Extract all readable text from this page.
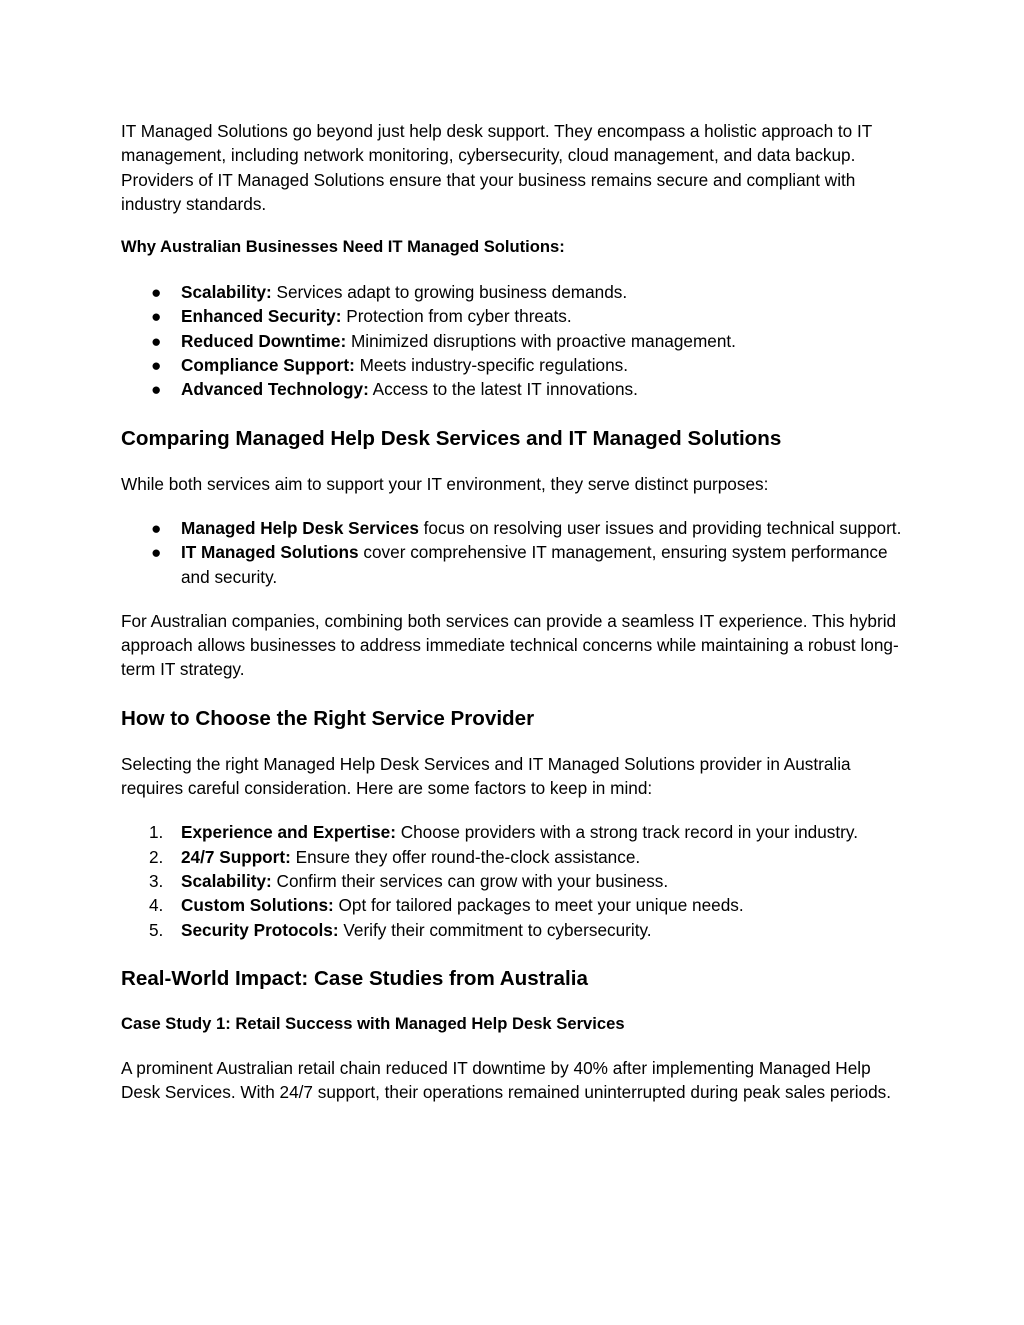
IT Managed Solutions go beyond just help desk support. They encompass a holistic approach to IT management, including network monitoring, cybersecurity, cloud management, and data backup. Providers of IT Managed Solutions ensure that your business remains secure and compliant with industry standards.

Why Australian Businesses Need IT Managed Solutions:

● Scalability: Services adapt to growing business demands.
● Enhanced Security: Protection from cyber threats.
● Reduced Downtime: Minimized disruptions with proactive management.
● Compliance Support: Meets industry-specific regulations.
● Advanced Technology: Access to the latest IT innovations.
Comparing Managed Help Desk Services and IT Managed Solutions

While both services aim to support your IT environment, they serve distinct purposes:

● Managed Help Desk Services focus on resolving user issues and providing technical support.
● IT Managed Solutions cover comprehensive IT management, ensuring system performance and security.

For Australian companies, combining both services can provide a seamless IT experience. This hybrid approach allows businesses to address immediate technical concerns while maintaining a robust long-term IT strategy.

How to Choose the Right Service Provider

Selecting the right Managed Help Desk Services and IT Managed Solutions provider in Australia requires careful consideration. Here are some factors to keep in mind:

1. Experience and Expertise: Choose providers with a strong track record in your industry.
2. 24/7 Support: Ensure they offer round-the-clock assistance.
3. Scalability: Confirm their services can grow with your business.
4. Custom Solutions: Opt for tailored packages to meet your unique needs.
5. Security Protocols: Verify their commitment to cybersecurity.
Real-World Impact: Case Studies from Australia

Case Study 1: Retail Success with Managed Help Desk Services

A prominent Australian retail chain reduced IT downtime by 40% after implementing Managed Help Desk Services. With 24/7 support, their operations remained uninterrupted during peak sales periods.
